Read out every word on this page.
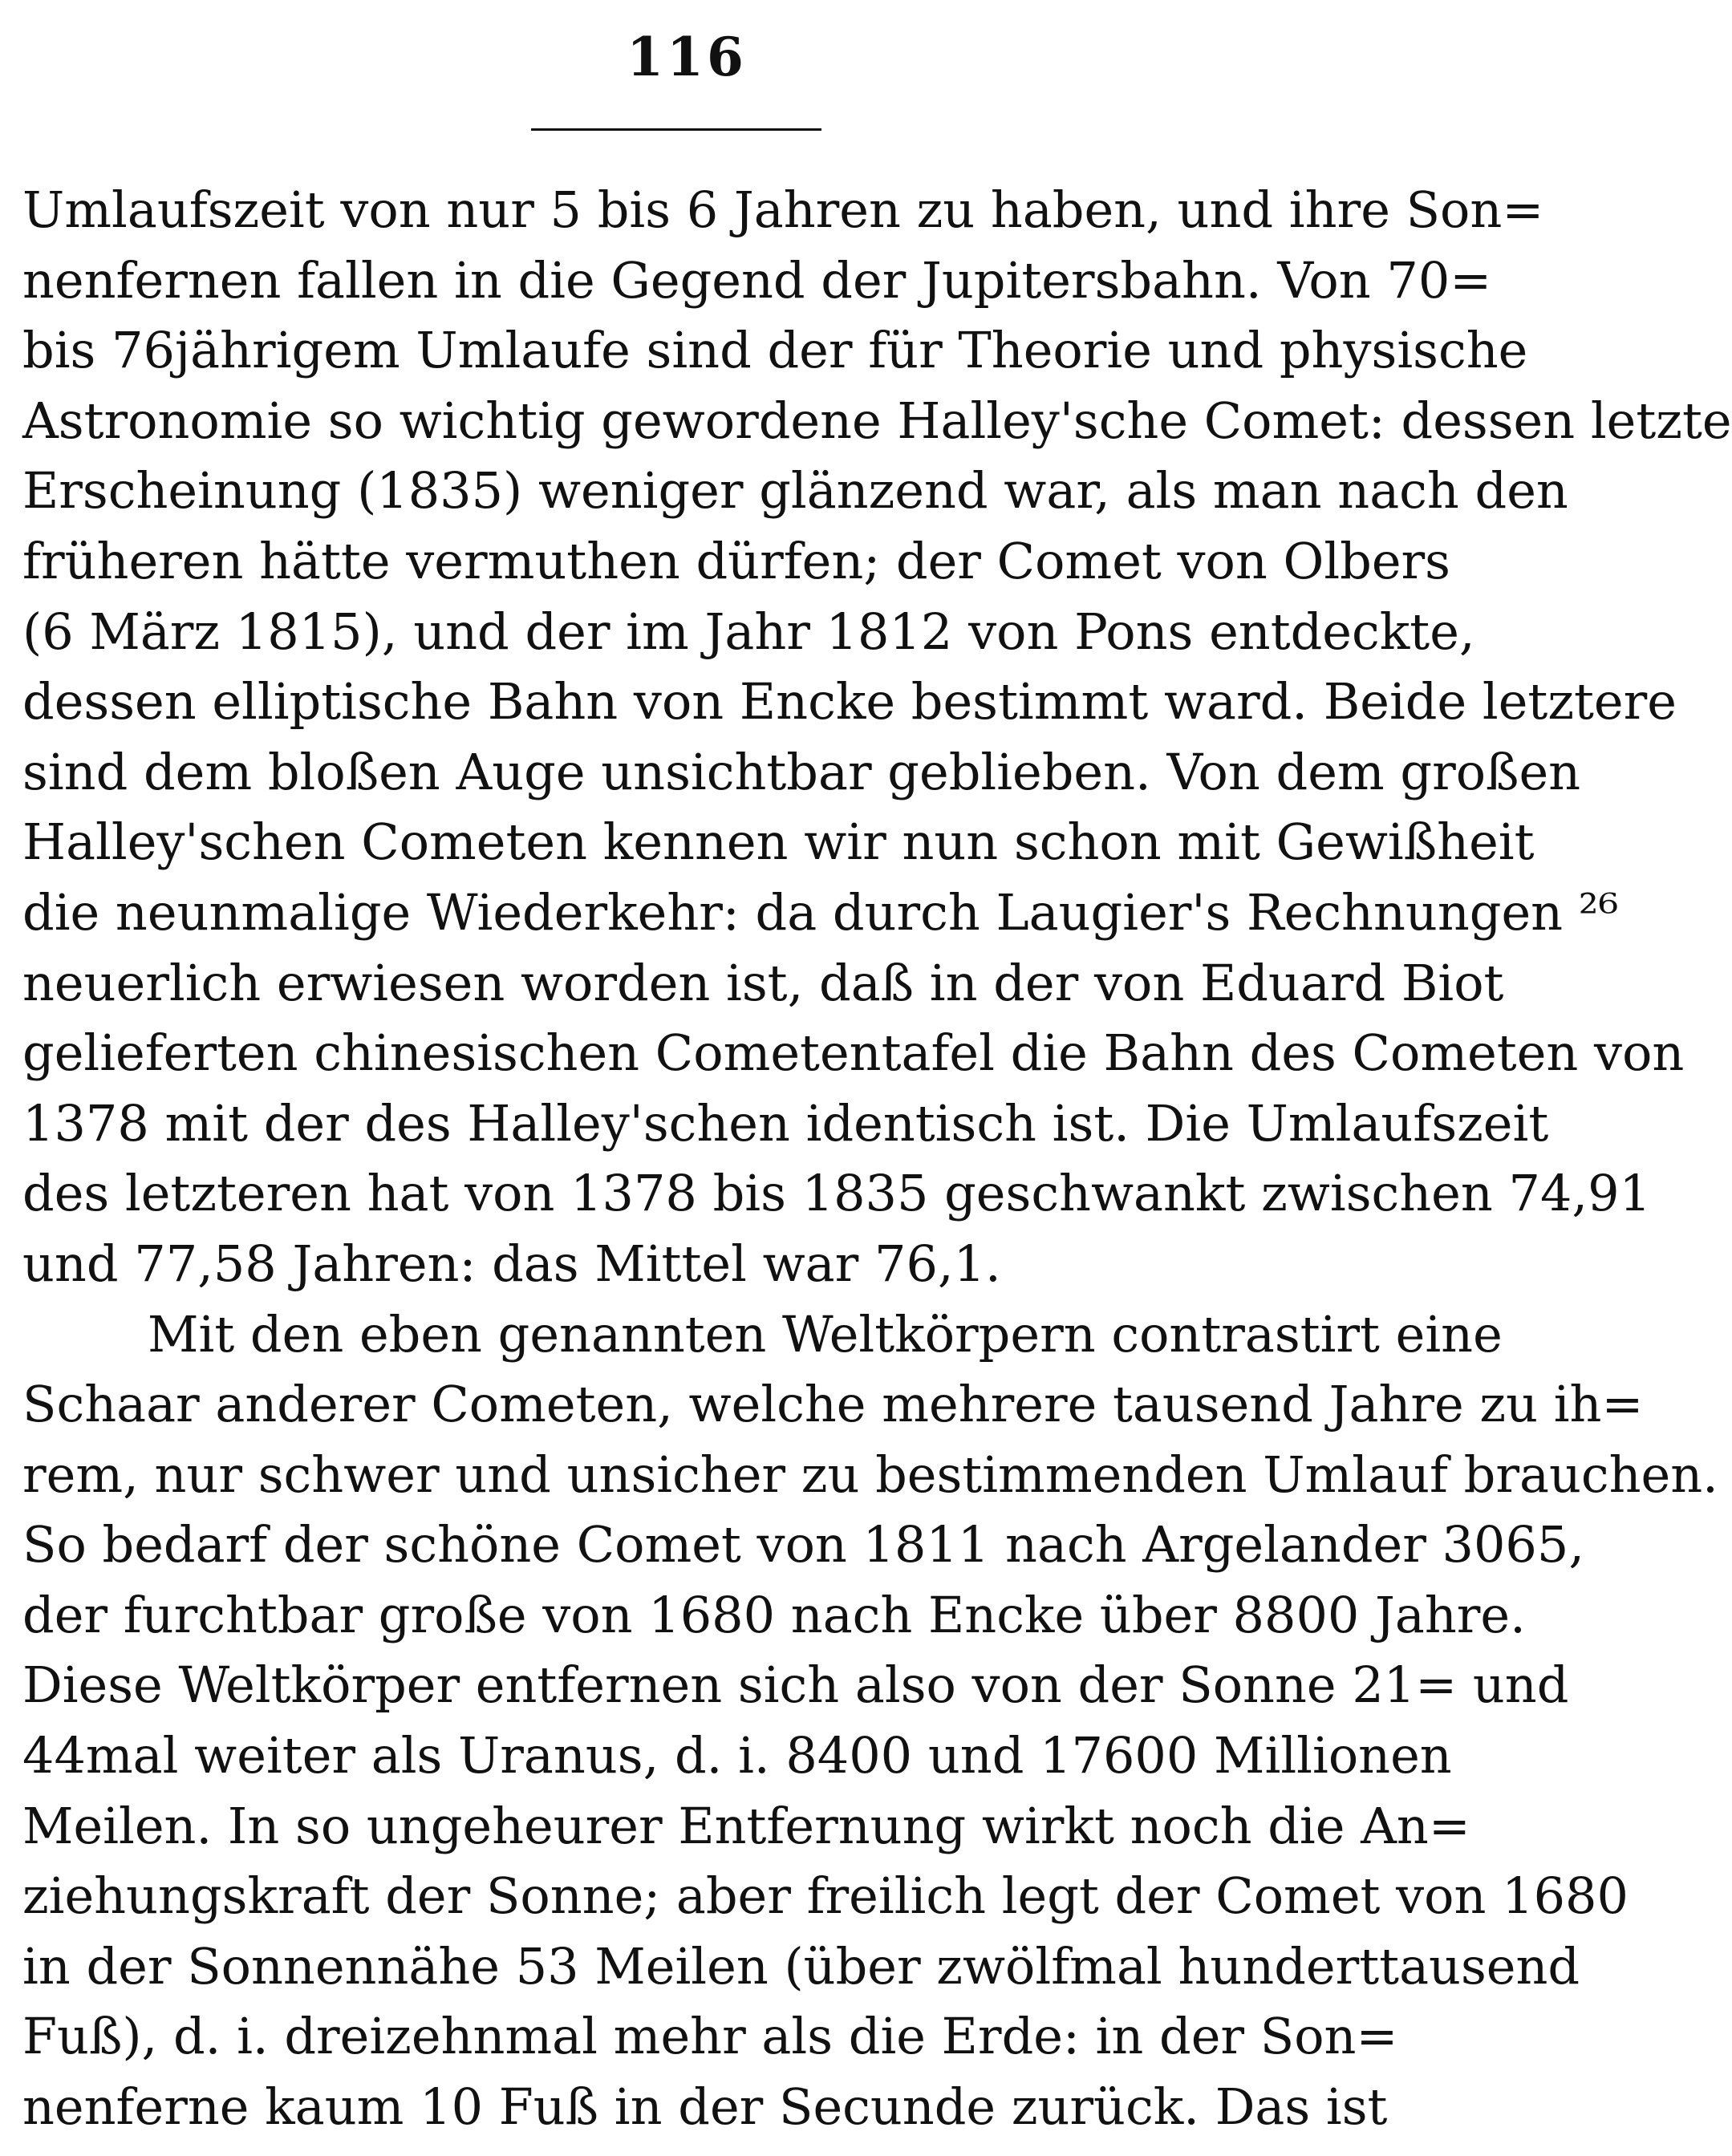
116
Umlaufszeit von nur 5 bis 6 Jahren zu haben, und ihre Son=
nenfernen fallen in die Gegend der Jupitersbahn. Von 70=
bis 76jährigem Umlaufe sind der für Theorie und physische
Astronomie so wichtig gewordene Halley'sche Comet: dessen letzte
Erscheinung (1835) weniger glänzend war, als man nach den
früheren hätte vermuthen dürfen; der Comet von Olbers
(6 März 1815), und der im Jahr 1812 von Pons entdeckte,
dessen elliptische Bahn von Encke bestimmt ward. Beide letztere
sind dem bloßen Auge unsichtbar geblieben. Von dem großen
Halley'schen Cometen kennen wir nun schon mit Gewißheit
die neunmalige Wiederkehr: da durch Laugier's Rechnungen ²⁶
neuerlich erwiesen worden ist, daß in der von Eduard Biot
gelieferten chinesischen Cometentafel die Bahn des Cometen von
1378 mit der des Halley'schen identisch ist. Die Umlaufszeit
des letzteren hat von 1378 bis 1835 geschwankt zwischen 74,91
und 77,58 Jahren: das Mittel war 76,1.
Mit den eben genannten Weltkörpern contrastirt eine
Schaar anderer Cometen, welche mehrere tausend Jahre zu ih=
rem, nur schwer und unsicher zu bestimmenden Umlauf brauchen.
So bedarf der schöne Comet von 1811 nach Argelander 3065,
der furchtbar große von 1680 nach Encke über 8800 Jahre.
Diese Weltkörper entfernen sich also von der Sonne 21= und
44mal weiter als Uranus, d. i. 8400 und 17600 Millionen
Meilen. In so ungeheurer Entfernung wirkt noch die An=
ziehungskraft der Sonne; aber freilich legt der Comet von 1680
in der Sonnennähe 53 Meilen (über zwölfmal hunderttausend
Fuß), d. i. dreizehnmal mehr als die Erde: in der Son=
nenferne kaum 10 Fuß in der Secunde zurück. Das ist
